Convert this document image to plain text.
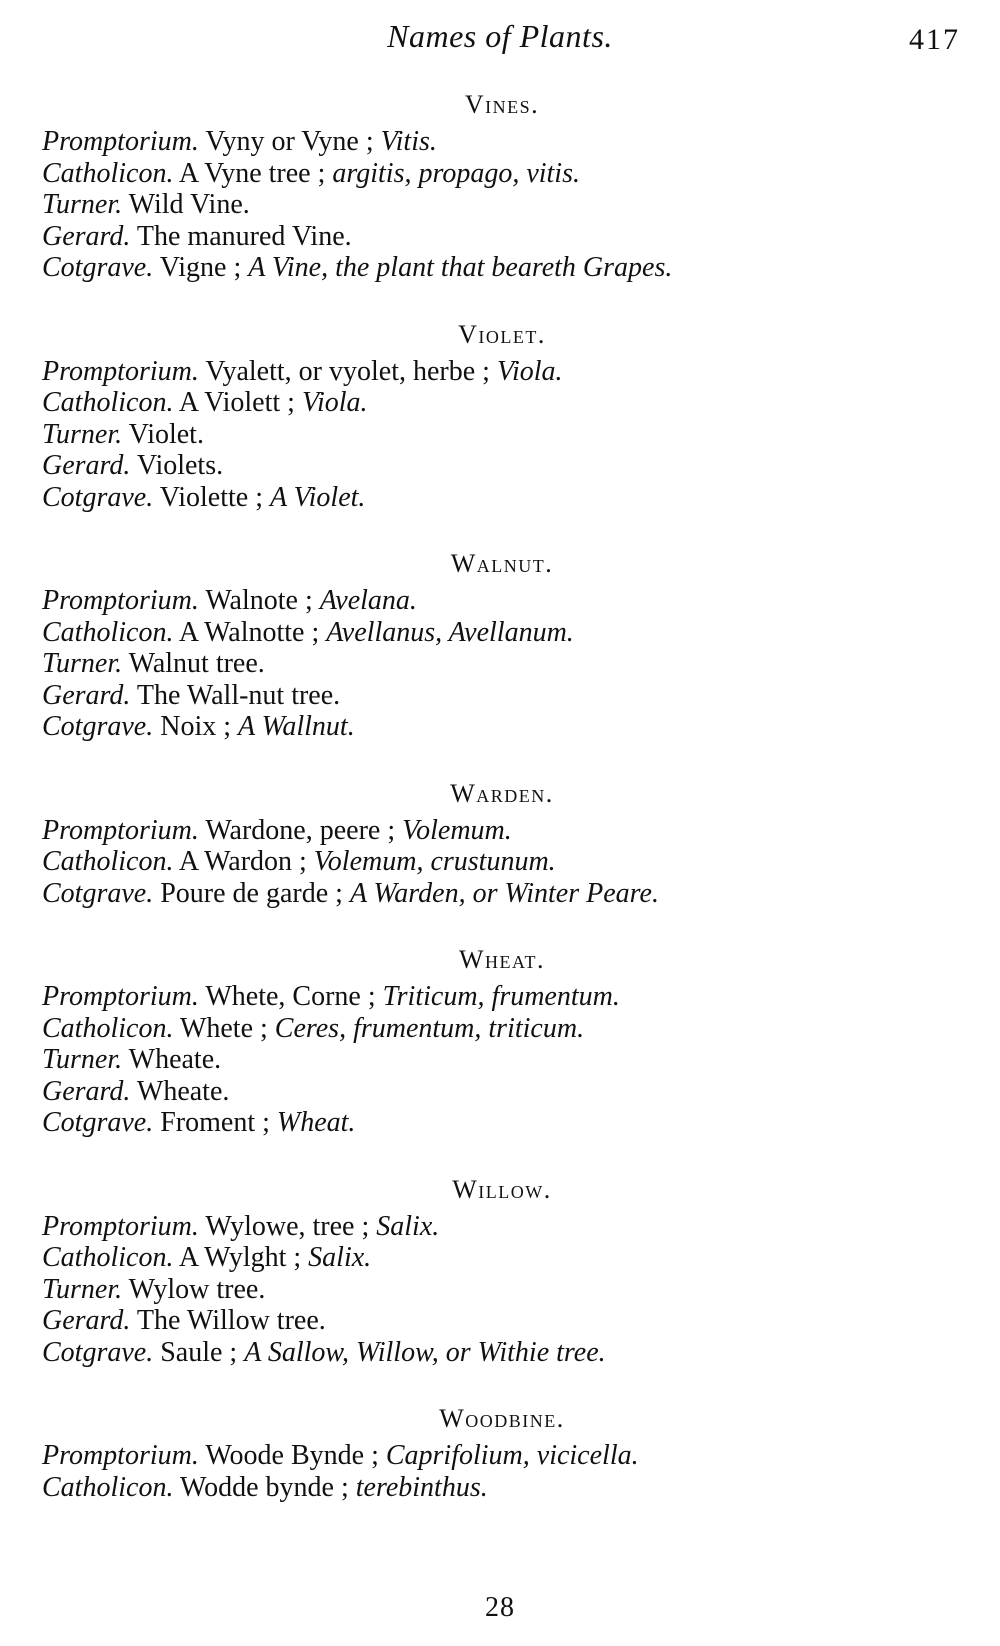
Names of Plants.	417
Vines.
Promptorium. Vyny or Vyne ; Vitis.
Catholicon. A Vyne tree ; argitis, propago, vitis.
Turner. Wild Vine.
Gerard. The manured Vine.
Cotgrave. Vigne ; A Vine, the plant that beareth Grapes.
Violet.
Promptorium. Vyalett, or vyolet, herbe ; Viola.
Catholicon. A Violett ; Viola.
Turner. Violet.
Gerard. Violets.
Cotgrave. Violette ; A Violet.
Walnut.
Promptorium. Walnote ; Avelana.
Catholicon. A Walnotte ; Avellanus, Avellanum.
Turner. Walnut tree.
Gerard. The Wall-nut tree.
Cotgrave. Noix ; A Wallnut.
Warden.
Promptorium. Wardone, peere ; Volemum.
Catholicon. A Wardon ; Volemum, crustunum.
Cotgrave. Poure de garde ; A Warden, or Winter Peare.
Wheat.
Promptorium. Whete, Corne ; Triticum, frumentum.
Catholicon. Whete ; Ceres, frumentum, triticum.
Turner. Wheate.
Gerard. Wheate.
Cotgrave. Froment ; Wheat.
Willow.
Promptorium. Wylowe, tree ; Salix.
Catholicon. A Wylght ; Salix.
Turner. Wylow tree.
Gerard. The Willow tree.
Cotgrave. Saule ; A Sallow, Willow, or Withie tree.
Woodbine.
Promptorium. Woode Bynde ; Caprifolium, vicicella.
Catholicon. Wodde bynde ; terebinthus.
28
